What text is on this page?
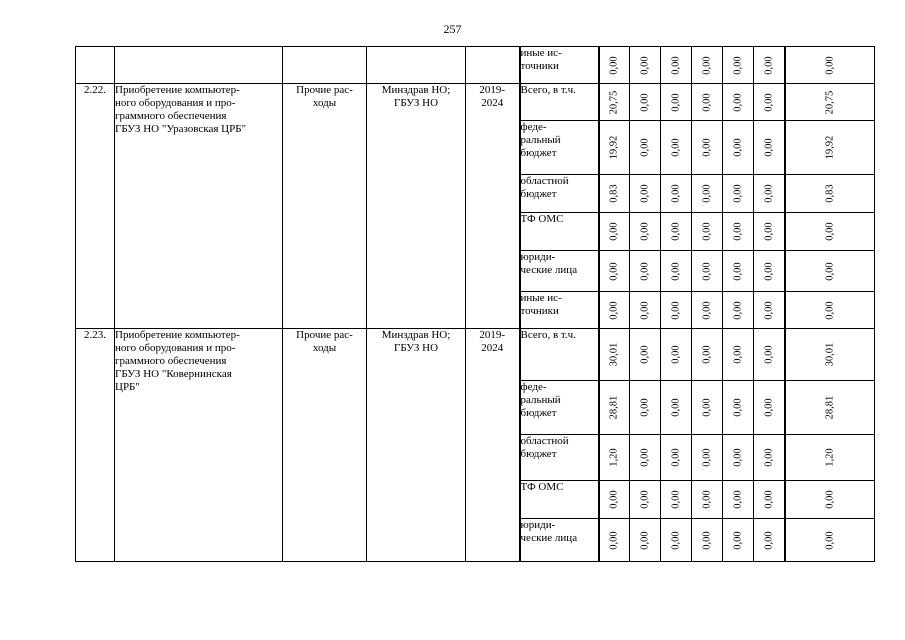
257
					иные ис-
точники	0,00	0,00	0,00	0,00	0,00	0,00	0,00
2.22.	Приобретение компьютер-
ного оборудования и про-
граммного обеспечения
ГБУЗ НО "Уразовская ЦРБ"	Прочие рас-
ходы	Минздрав НО;
ГБУЗ НО	2019-
2024	Всего, в т.ч.	20,75	0,00	0,00	0,00	0,00	0,00	20,75
					феде-
ральный
бюджет	19,92	0,00	0,00	0,00	0,00	0,00	19,92
					областной
бюджет	0,83	0,00	0,00	0,00	0,00	0,00	0,83
					ТФ ОМС	0,00	0,00	0,00	0,00	0,00	0,00	0,00
					юриди-
ческие лица	0,00	0,00	0,00	0,00	0,00	0,00	0,00
					иные ис-
точники	0,00	0,00	0,00	0,00	0,00	0,00	0,00
2.23.	Приобретение компьютер-
ного оборудования и про-
граммного обеспечения
ГБУЗ НО "Ковернинская
ЦРБ"	Прочие рас-
ходы	Минздрав НО;
ГБУЗ НО	2019-
2024	Всего, в т.ч.	30,01	0,00	0,00	0,00	0,00	0,00	30,01
					феде-
ральный
бюджет	28,81	0,00	0,00	0,00	0,00	0,00	28,81
					областной
бюджет	1,20	0,00	0,00	0,00	0,00	0,00	1,20
					ТФ ОМС	0,00	0,00	0,00	0,00	0,00	0,00	0,00
					юриди-
ческие лица	0,00	0,00	0,00	0,00	0,00	0,00	0,00
